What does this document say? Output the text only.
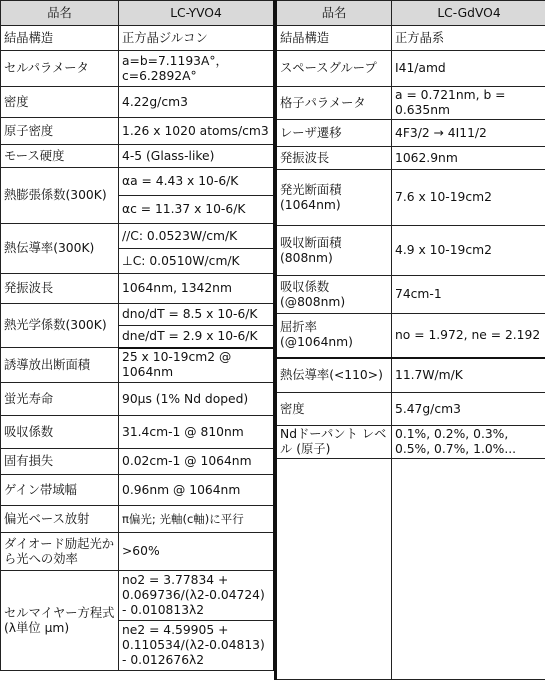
品名	LC-YVO4
結晶構造	正方晶ジルコン
セルパラメータ	a=b=7.1193A°，c=6.2892A°
密度	4.22g/cm3
原子密度	1.26 x 1020 atoms/cm3
モース硬度	4-5 (Glass-like)
熱膨張係数(300K)	αa = 4.43 x 10-6/K
	αc = 11.37 x 10-6/K
熱伝導率(300K)	//C: 0.0523W/cm/K
	⊥C: 0.0510W/cm/K
発振波長	1064nm, 1342nm
熱光学係数(300K)	dno/dT = 8.5 x 10-6/K
	dne/dT = 2.9 x 10-6/K
誘導放出断面積	25 x 10-19cm2 @ 1064nm
蛍光寿命	90μs (1% Nd doped)
吸収係数	31.4cm-1 @ 810nm
固有損失	0.02cm-1 @ 1064nm
ゲイン帯域幅	0.96nm @ 1064nm
偏光ベース放射	π偏光; 光軸(c軸)に平行
ダイオード励起光から光への効率	>60%
セルマイヤー方程式 (λ単位 μm)	no2 = 3.77834 + 0.069736/(λ2-0.04724) - 0.010813λ2
	ne2 = 4.59905 + 0.110534/(λ2-0.04813) - 0.012676λ2
品名	LC-GdVO4
結晶構造	正方晶系
スペースグループ	I41/amd
格子パラメータ	a = 0.721nm, b = 0.635nm
レーザ遷移	4F3/2 → 4I11/2
発振波長	1062.9nm
発光断面積(1064nm)	7.6 x 10-19cm2
吸収断面積(808nm)	4.9 x 10-19cm2
吸収係数(@808nm)	74cm-1
屈折率(@1064nm)	no = 1.972, ne = 2.192
熱伝導率(<110>)	11.7W/m/K
密度	5.47g/cm3
Ndドーパント レベル (原子)	0.1%, 0.2%, 0.3%, 0.5%, 0.7%, 1.0%...
